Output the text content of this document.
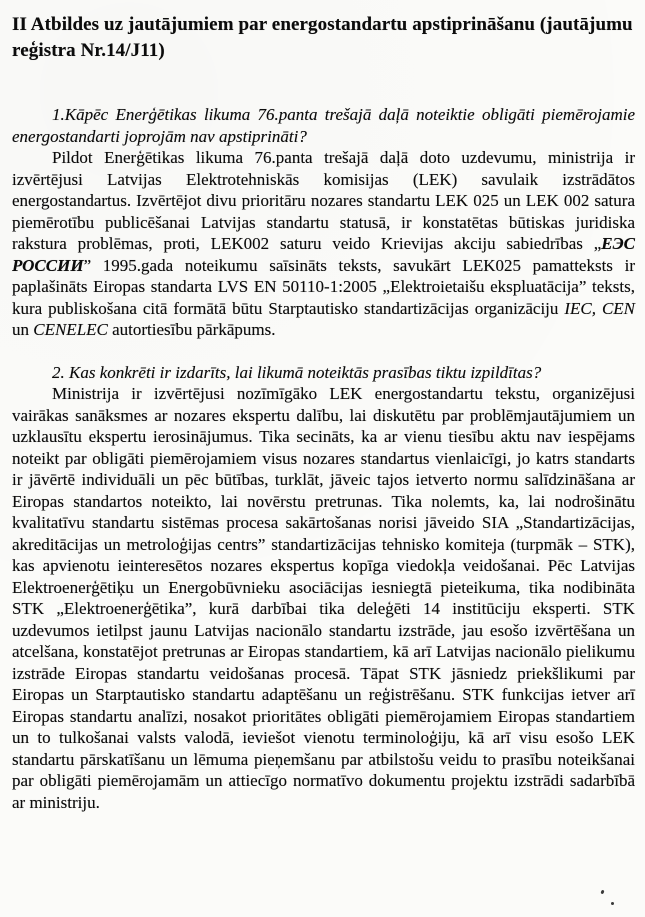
II Atbildes uz jautājumiem par energostandartu apstiprināšanu (jautājumu reģistra Nr.14/J11)

1.Kāpēc Enerģētikas likuma 76.panta trešajā daļā noteiktie obligāti piemērojamie energostandarti joprojām nav apstiprināti?

Pildot Enerģētikas likuma 76.panta trešajā daļā doto uzdevumu, ministrija ir izvērtējusi Latvijas Elektrotehniskās komisijas (LEK) savulaik izstrādātos energostandartus. Izvērtējot divu prioritāru nozares standartu LEK 025 un LEK 002 satura piemērotību publicēšanai Latvijas standartu statusā, ir konstatētas būtiskas juridiska rakstura problēmas, proti, LEK002 saturu veido Krievijas akciju sabiedrības „ЕЭС РОССИИ” 1995.gada noteikumu saīsināts teksts, savukārt LEK025 pamatteksts ir paplašināts Eiropas standarta LVS EN 50110-1:2005 „Elektroietaišu ekspluatācija” teksts, kura publiskošana citā formātā būtu Starptautisko standartizācijas organizāciju IEC, CEN un CENELEC autortiesību pārkāpums.

2. Kas konkrēti ir izdarīts, lai likumā noteiktās prasības tiktu izpildītas?

Ministrija ir izvērtējusi nozīmīgāko LEK energostandartu tekstu, organizējusi vairākas sanāksmes ar nozares ekspertu dalību, lai diskutētu par problēmjautājumiem un uzklausītu ekspertu ierosinājumus. Tika secināts, ka ar vienu tiesību aktu nav iespējams noteikt par obligāti piemērojamiem visus nozares standartus vienlaicīgi, jo katrs standarts ir jāvērtē individuāli un pēc būtības, turklāt, jāveic tajos ietverto normu salīdzināšana ar Eiropas standartos noteikto, lai novērstu pretrunas. Tika nolemts, ka, lai nodrošinātu kvalitatīvu standartu sistēmas procesa sakārtošanas norisi jāveido SIA „Standartizācijas, akreditācijas un metroloģijas centrs” standartizācijas tehnisko komiteja (turpmāk – STK), kas apvienotu ieinteresētos nozares ekspertus kopīga viedokļa veidošanai. Pēc Latvijas Elektroenerģētiķu un Energobūvnieku asociācijas iesniegtā pieteikuma, tika nodibināta STK „Elektroenerģētika”, kurā darbībai tika deleģēti 14 institūciju eksperti. STK uzdevumos ietilpst jaunu Latvijas nacionālo standartu izstrāde, jau esošo izvērtēšana un atcelšana, konstatējot pretrunas ar Eiropas standartiem, kā arī Latvijas nacionālo pielikumu izstrāde Eiropas standartu veidošanas procesā. Tāpat STK jāsniedz priekšlikumi par Eiropas un Starptautisko standartu adaptēšanu un reģistrēšanu. STK funkcijas ietver arī Eiropas standartu analīzi, nosakot prioritātes obligāti piemērojamiem Eiropas standartiem un to tulkošanai valsts valodā, ieviešot vienotu terminoloģiju, kā arī visu esošo LEK standartu pārskatīšanu un lēmuma pieņemšanu par atbilstošu veidu to prasību noteikšanai par obligāti piemērojamām un attiecīgo normatīvo dokumentu projektu izstrādi sadarbībā ar ministriju.
